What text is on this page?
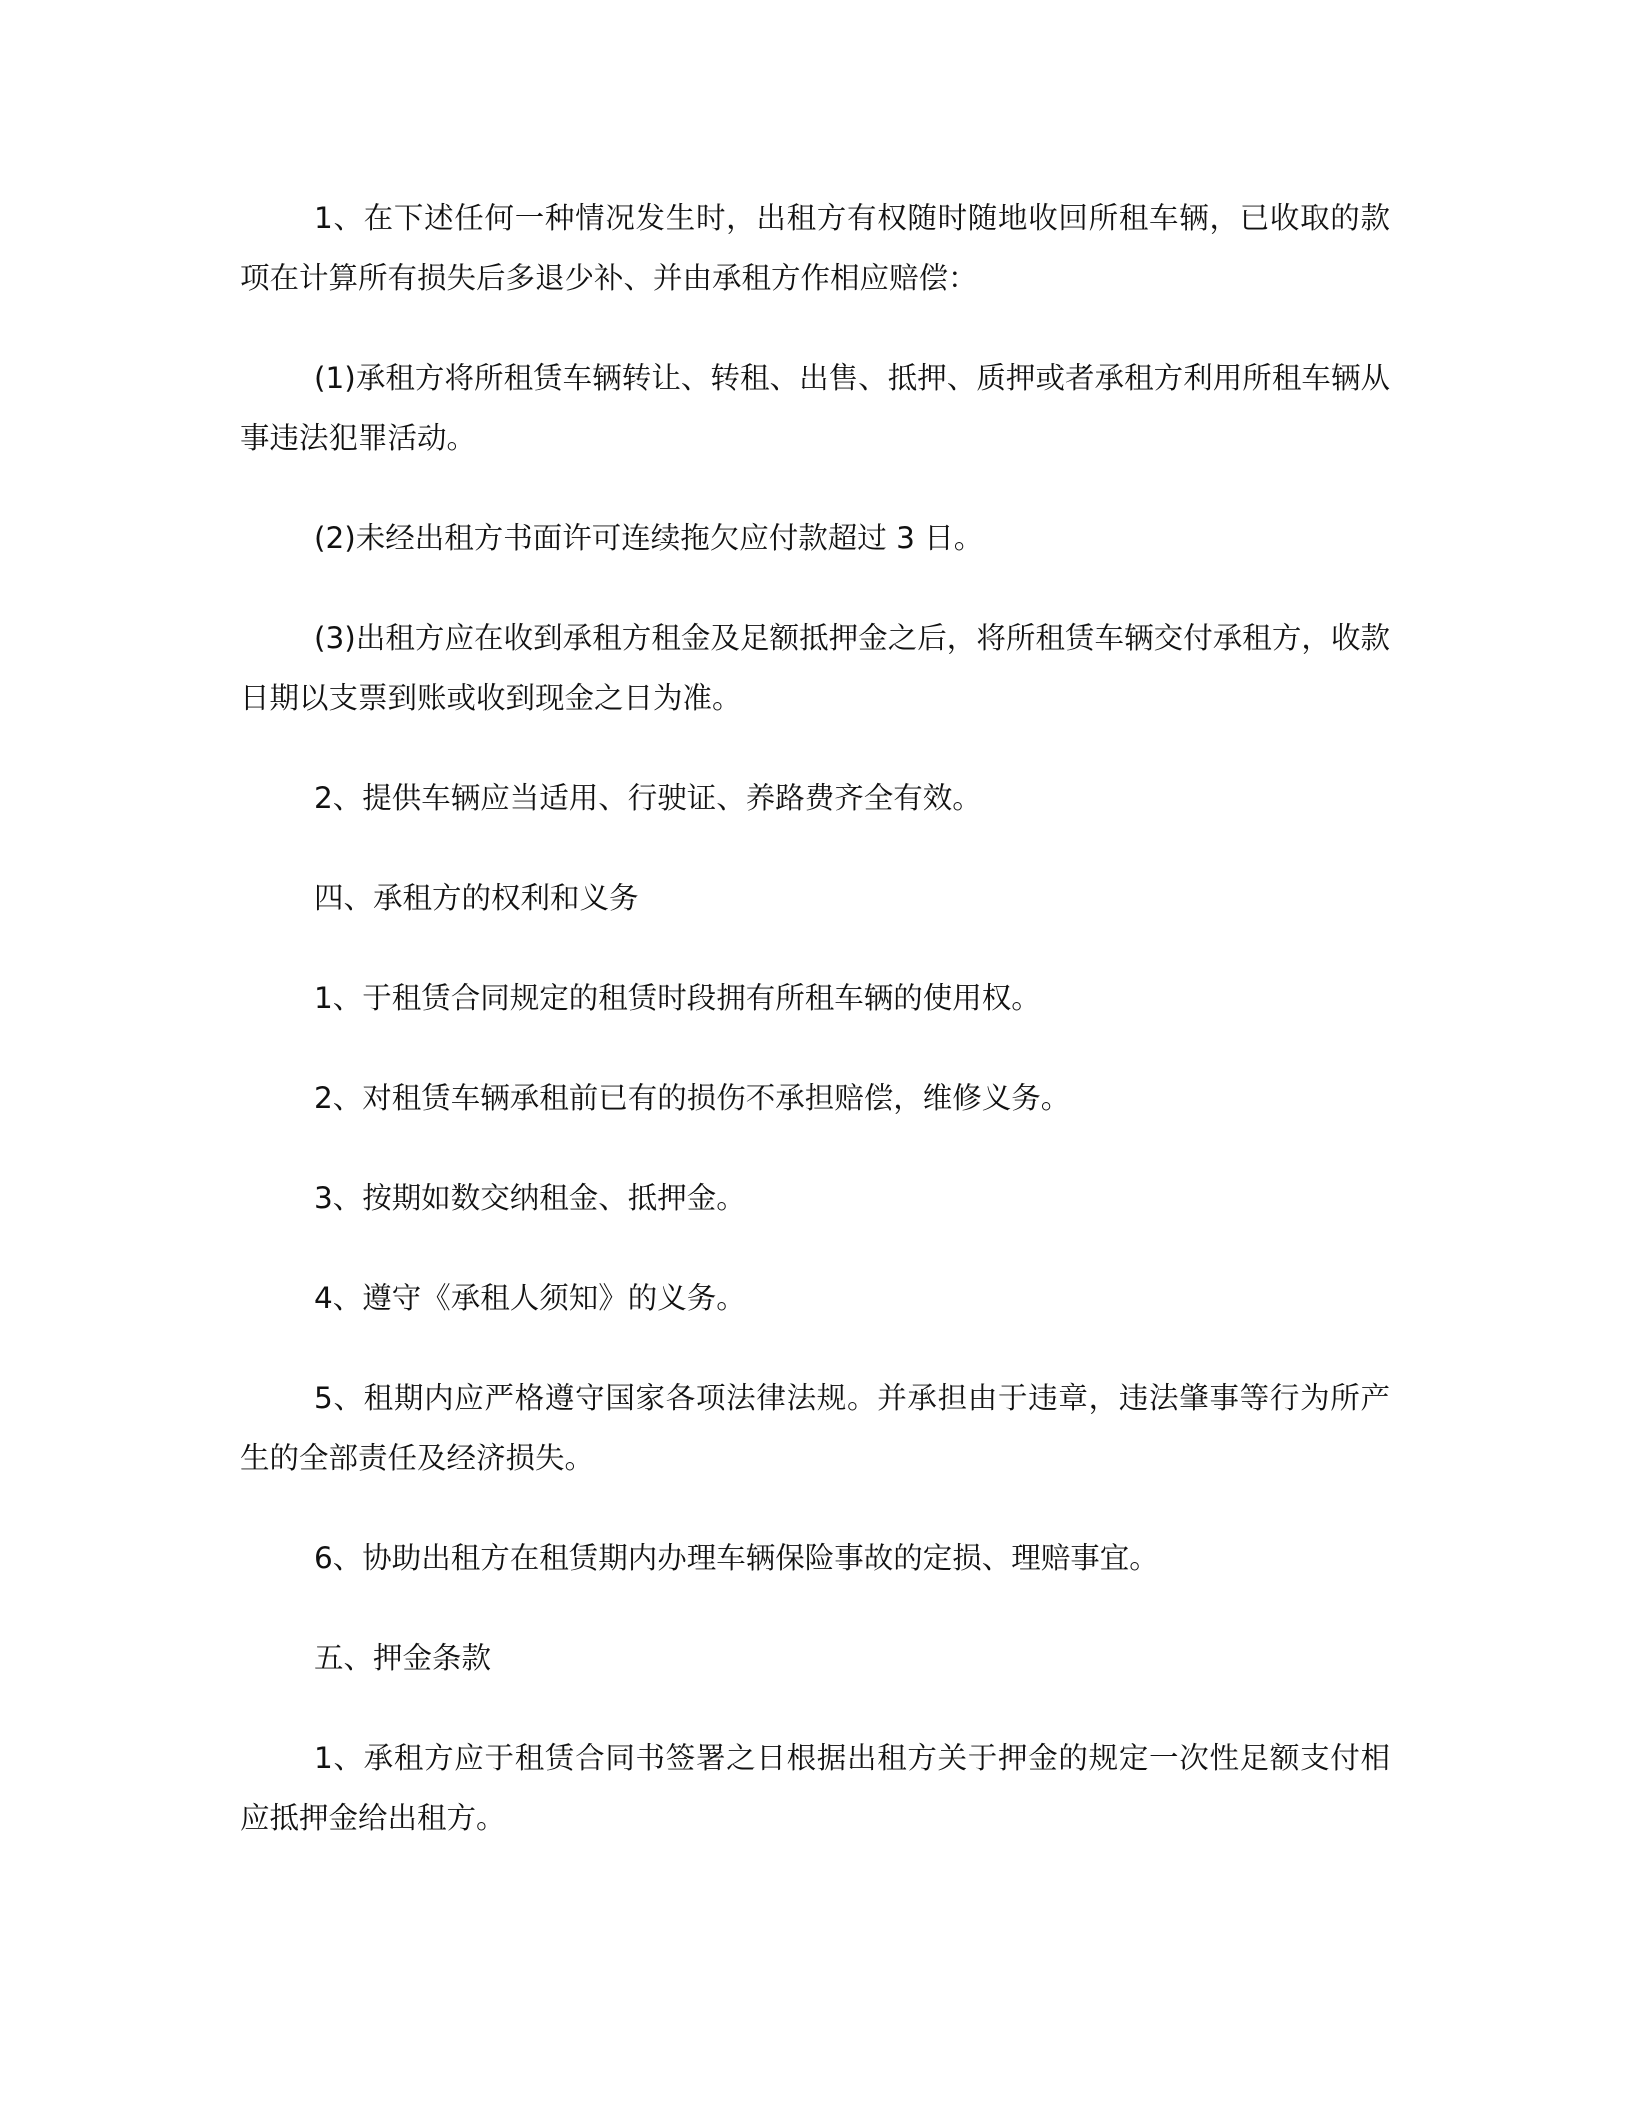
1、在下述任何一种情况发生时，出租方有权随时随地收回所租车辆，已收取的款项在计算所有损失后多退少补、并由承租方作相应赔偿：

(1)承租方将所租赁车辆转让、转租、出售、抵押、质押或者承租方利用所租车辆从事违法犯罪活动。

(2)未经出租方书面许可连续拖欠应付款超过 3 日。

(3)出租方应在收到承租方租金及足额抵押金之后，将所租赁车辆交付承租方，收款日期以支票到账或收到现金之日为准。

2、提供车辆应当适用、行驶证、养路费齐全有效。

四、承租方的权利和义务

1、于租赁合同规定的租赁时段拥有所租车辆的使用权。

2、对租赁车辆承租前已有的损伤不承担赔偿，维修义务。

3、按期如数交纳租金、抵押金。

4、遵守《承租人须知》的义务。

5、租期内应严格遵守国家各项法律法规。并承担由于违章，违法肇事等行为所产生的全部责任及经济损失。

6、协助出租方在租赁期内办理车辆保险事故的定损、理赔事宜。

五、押金条款

1、承租方应于租赁合同书签署之日根据出租方关于押金的规定一次性足额支付相应抵押金给出租方。
